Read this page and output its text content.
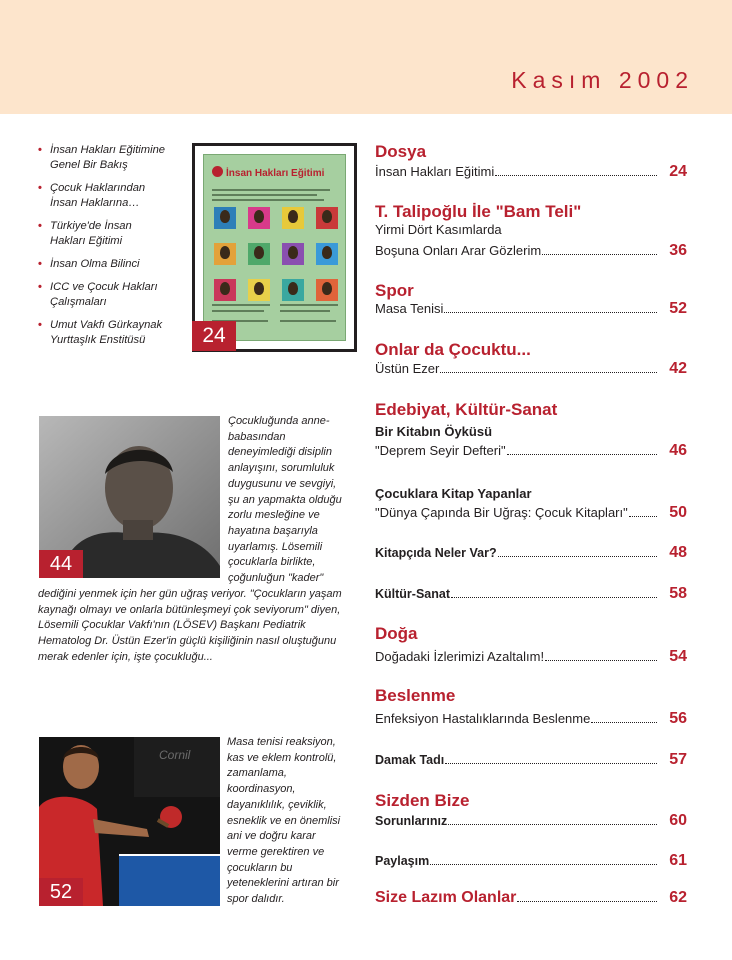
Kasım 2002
• İnsan Hakları Eğitimine Genel Bir Bakış
• Çocuk Haklarından İnsan Haklarına…
• Türkiye'de İnsan Hakları Eğitimi
• İnsan Olma Bilinci
• ICC ve Çocuk Hakları Çalışmaları
• Umut Vakfı Gürkaynak Yurttaşlık Enstitüsü
İnsan Hakları Eğitimi
24
44
Çocukluğunda anne-babasından deneyimlediği disiplin anlayışını, sorumluluk duygusunu ve sevgiyi, şu an yapmakta olduğu zorlu mesleğine ve hayatına başarıyla uyarlamış. Lösemili çocuklarla birlikte, çoğunluğun "kader"
dediğini yenmek için her gün uğraş veriyor. "Çocukların yaşam kaynağı olmayı ve onlarla bütünleşmeyi çok seviyorum" diyen, Lösemili Çocuklar Vakfı'nın (LÖSEV) Başkanı Pediatrik Hematolog Dr. Üstün Ezer'in güçlü kişiliğinin nasıl oluştuğunu merak edenler için, işte çocukluğu...
Cornil
52
Masa tenisi reaksiyon, kas ve eklem kontrolü, zamanlama, koordinasyon, dayanıklılık, çeviklik, esneklik ve en önemlisi ani ve doğru karar verme gerektiren ve çocukların bu yeteneklerini artıran bir spor dalıdır.
Dosya
İnsan Hakları Eğitimi	24
T. Talipoğlu İle "Bam Teli"
Yirmi Dört Kasımlarda
Boşuna Onları Arar Gözlerim	36
Spor
Masa Tenisi	52
Onlar da Çocuktu...
Üstün Ezer	42
Edebiyat, Kültür-Sanat
Bir Kitabın Öyküsü
"Deprem Seyir Defteri"	46
Çocuklara Kitap Yapanlar
"Dünya Çapında Bir Uğraş: Çocuk Kitapları"	50
Kitapçıda Neler Var?	48
Kültür-Sanat	58
Doğa
Doğadaki İzlerimizi Azaltalım!	54
Beslenme
Enfeksiyon Hastalıklarında Beslenme	56
Damak Tadı	57
Sizden Bize
Sorunlarınız	60
Paylaşım	61
Size Lazım Olanlar	62
